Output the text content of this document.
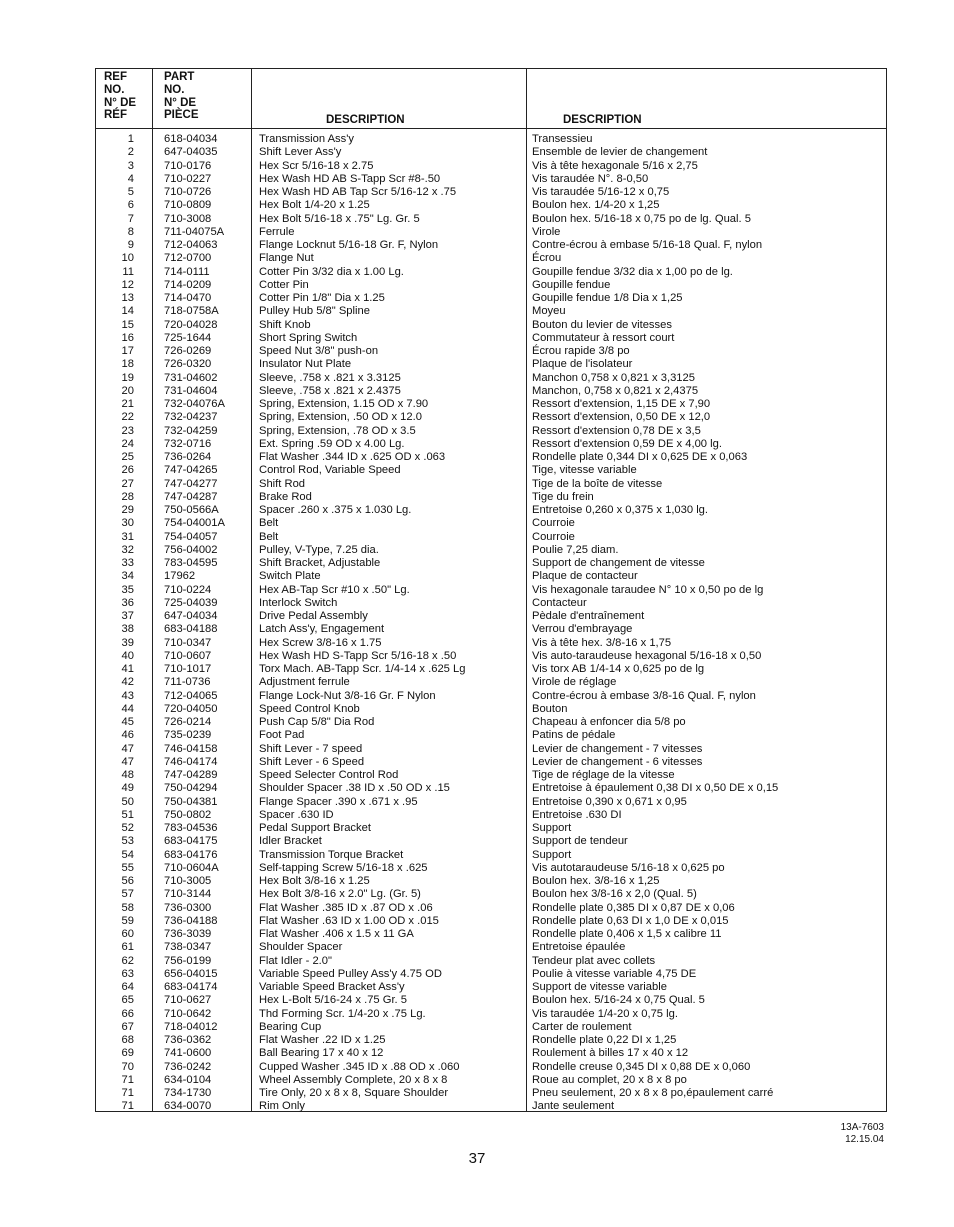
REF
NO.
N° DE
RÉF
PART
NO.
N° DE
PIÈCE	DESCRIPTION	DESCRIPTION
1	618-04034	Transmission Ass'y	Transessieu
2	647-04035	Shift Lever Ass'y	Ensemble de levier de changement
3	710-0176	Hex Scr 5/16-18 x 2.75	Vis à tête hexagonale 5/16 x 2,75
4	710-0227	Hex Wash HD AB S-Tapp Scr #8-.50	Vis taraudée N°. 8-0,50
5	710-0726	Hex Wash HD AB Tap Scr 5/16-12 x .75	Vis taraudée 5/16-12 x 0,75
6	710-0809	Hex Bolt 1/4-20 x 1.25	Boulon hex. 1/4-20 x 1,25
7	710-3008	Hex Bolt 5/16-18 x .75" Lg. Gr. 5	Boulon hex. 5/16-18 x 0,75 po de lg. Qual. 5
8	711-04075A	Ferrule	Virole
9	712-04063	Flange Locknut 5/16-18 Gr. F, Nylon	Contre-écrou à embase 5/16-18 Qual. F, nylon
10	712-0700	Flange Nut	Écrou
11	714-0111	Cotter Pin 3/32 dia x 1.00 Lg.	Goupille fendue 3/32 dia x 1,00 po de lg.
12	714-0209	Cotter Pin	Goupille fendue
13	714-0470	Cotter Pin 1/8" Dia x 1.25	Goupille fendue 1/8 Dia x 1,25
14	718-0758A	Pulley Hub 5/8" Spline	Moyeu
15	720-04028	Shift Knob	Bouton du levier de vitesses
16	725-1644	Short Spring Switch	Commutateur à ressort court
17	726-0269	Speed Nut 3/8" push-on	Écrou rapide 3/8 po
18	726-0320	Insulator Nut Plate	Plaque de l'isolateur
19	731-04602	Sleeve, .758 x .821 x 3.3125	Manchon 0,758 x 0,821 x 3,3125
20	731-04604	Sleeve, .758 x .821 x 2.4375	Manchon, 0,758 x 0,821 x 2,4375
21	732-04076A	Spring, Extension, 1.15 OD x 7.90	Ressort d'extension, 1,15 DE x 7,90
22	732-04237	Spring, Extension, .50 OD x 12.0	Ressort d'extension, 0,50 DE x 12,0
23	732-04259	Spring, Extension, .78 OD x 3.5	Ressort d'extension 0,78 DE x 3,5
24	732-0716	Ext. Spring .59 OD x 4.00 Lg.	Ressort d'extension 0,59 DE x 4,00 lg.
25	736-0264	Flat Washer .344 ID x .625 OD x .063	Rondelle plate 0,344 DI x 0,625 DE x 0,063
26	747-04265	Control Rod, Variable Speed	Tige, vitesse variable
27	747-04277	Shift Rod	Tige de la boîte de vitesse
28	747-04287	Brake Rod	Tige du frein
29	750-0566A	Spacer .260 x .375 x 1.030 Lg.	Entretoise 0,260 x 0,375 x 1,030 lg.
30	754-04001A	Belt	Courroie
31	754-04057	Belt	Courroie
32	756-04002	Pulley, V-Type, 7.25 dia.	Poulie 7,25 diam.
33	783-04595	Shift Bracket, Adjustable	Support de changement de vitesse
34	17962	Switch Plate	Plaque de contacteur
35	710-0224	Hex AB-Tap Scr #10 x .50" Lg.	Vis hexagonale taraudee N° 10 x 0,50 po de lg
36	725-04039	Interlock Switch	Contacteur
37	647-04034	Drive Pedal Assembly	Pèdale d'entraînement
38	683-04188	Latch Ass'y, Engagement	Verrou d'embrayage
39	710-0347	Hex Screw 3/8-16 x 1.75	Vis à tête hex. 3/8-16 x 1,75
40	710-0607	Hex Wash HD S-Tapp Scr 5/16-18 x .50	Vis auto-taraudeuse hexagonal 5/16-18 x 0,50
41	710-1017	Torx Mach. AB-Tapp Scr. 1/4-14 x .625 Lg	Vis torx AB 1/4-14 x 0,625 po de lg
42	711-0736	Adjustment ferrule	Virole de réglage
43	712-04065	Flange Lock-Nut 3/8-16 Gr. F Nylon	Contre-écrou à embase 3/8-16 Qual. F, nylon
44	720-04050	Speed Control Knob	Bouton
45	726-0214	Push Cap 5/8" Dia Rod	Chapeau à enfoncer dia 5/8 po
46	735-0239	Foot Pad	Patins de pédale
47	746-04158	Shift Lever - 7 speed	Levier de changement - 7 vitesses
47	746-04174	Shift Lever - 6 Speed	Levier de changement - 6 vitesses
48	747-04289	Speed Selecter Control Rod	Tige de réglage de la vitesse
49	750-04294	Shoulder Spacer .38 ID x .50 OD x .15	Entretoise à épaulement 0,38 DI x 0,50 DE x 0,15
50	750-04381	Flange Spacer .390 x .671 x .95	Entretoise 0,390 x 0,671 x 0,95
51	750-0802	Spacer .630 ID	Entretoise .630 DI
52	783-04536	Pedal Support Bracket	Support
53	683-04175	Idler Bracket	Support de tendeur
54	683-04176	Transmission Torque Bracket	Support
55	710-0604A	Self-tapping Screw 5/16-18 x .625	Vis autotaraudeuse 5/16-18 x 0,625 po
56	710-3005	Hex Bolt 3/8-16 x 1.25	Boulon hex. 3/8-16 x 1,25
57	710-3144	Hex Bolt 3/8-16 x 2.0" Lg. (Gr. 5)	Boulon hex 3/8-16 x 2,0 (Qual. 5)
58	736-0300	Flat Washer .385 ID x .87 OD x .06	Rondelle plate 0,385 DI x 0,87 DE x 0,06
59	736-04188	Flat Washer .63 ID x 1.00 OD x .015	Rondelle plate 0,63 DI x 1,0 DE x 0,015
60	736-3039	Flat Washer .406 x 1.5 x 11 GA	Rondelle plate 0,406 x 1,5 x calibre 11
61	738-0347	Shoulder Spacer	Entretoise épaulée
62	756-0199	Flat Idler - 2.0"	Tendeur plat avec collets
63	656-04015	Variable Speed Pulley Ass'y 4.75 OD	Poulie à vitesse variable 4,75 DE
64	683-04174	Variable Speed Bracket Ass'y	Support de vitesse variable
65	710-0627	Hex L-Bolt 5/16-24 x .75 Gr. 5	Boulon hex. 5/16-24 x 0,75 Qual. 5
66	710-0642	Thd Forming Scr. 1/4-20 x .75 Lg.	Vis taraudée 1/4-20 x 0,75 lg.
67	718-04012	Bearing Cup	Carter de roulement
68	736-0362	Flat Washer .22 ID x 1.25	Rondelle plate 0,22 DI x 1,25
69	741-0600	Ball Bearing 17 x 40 x 12	Roulement à billes 17 x 40 x 12
70	736-0242	Cupped Washer .345 ID x .88 OD x .060	Rondelle creuse 0,345 DI x 0,88 DE x 0,060
71	634-0104	Wheel Assembly Complete, 20 x 8 x 8	Roue au complet, 20 x 8 x 8 po
71	734-1730	Tire Only, 20 x 8 x 8, Square Shoulder	Pneu seulement, 20 x 8 x 8 po,épaulement carré
71	634-0070	Rim Only	Jante seulement
13A-7603
12.15.04
37
